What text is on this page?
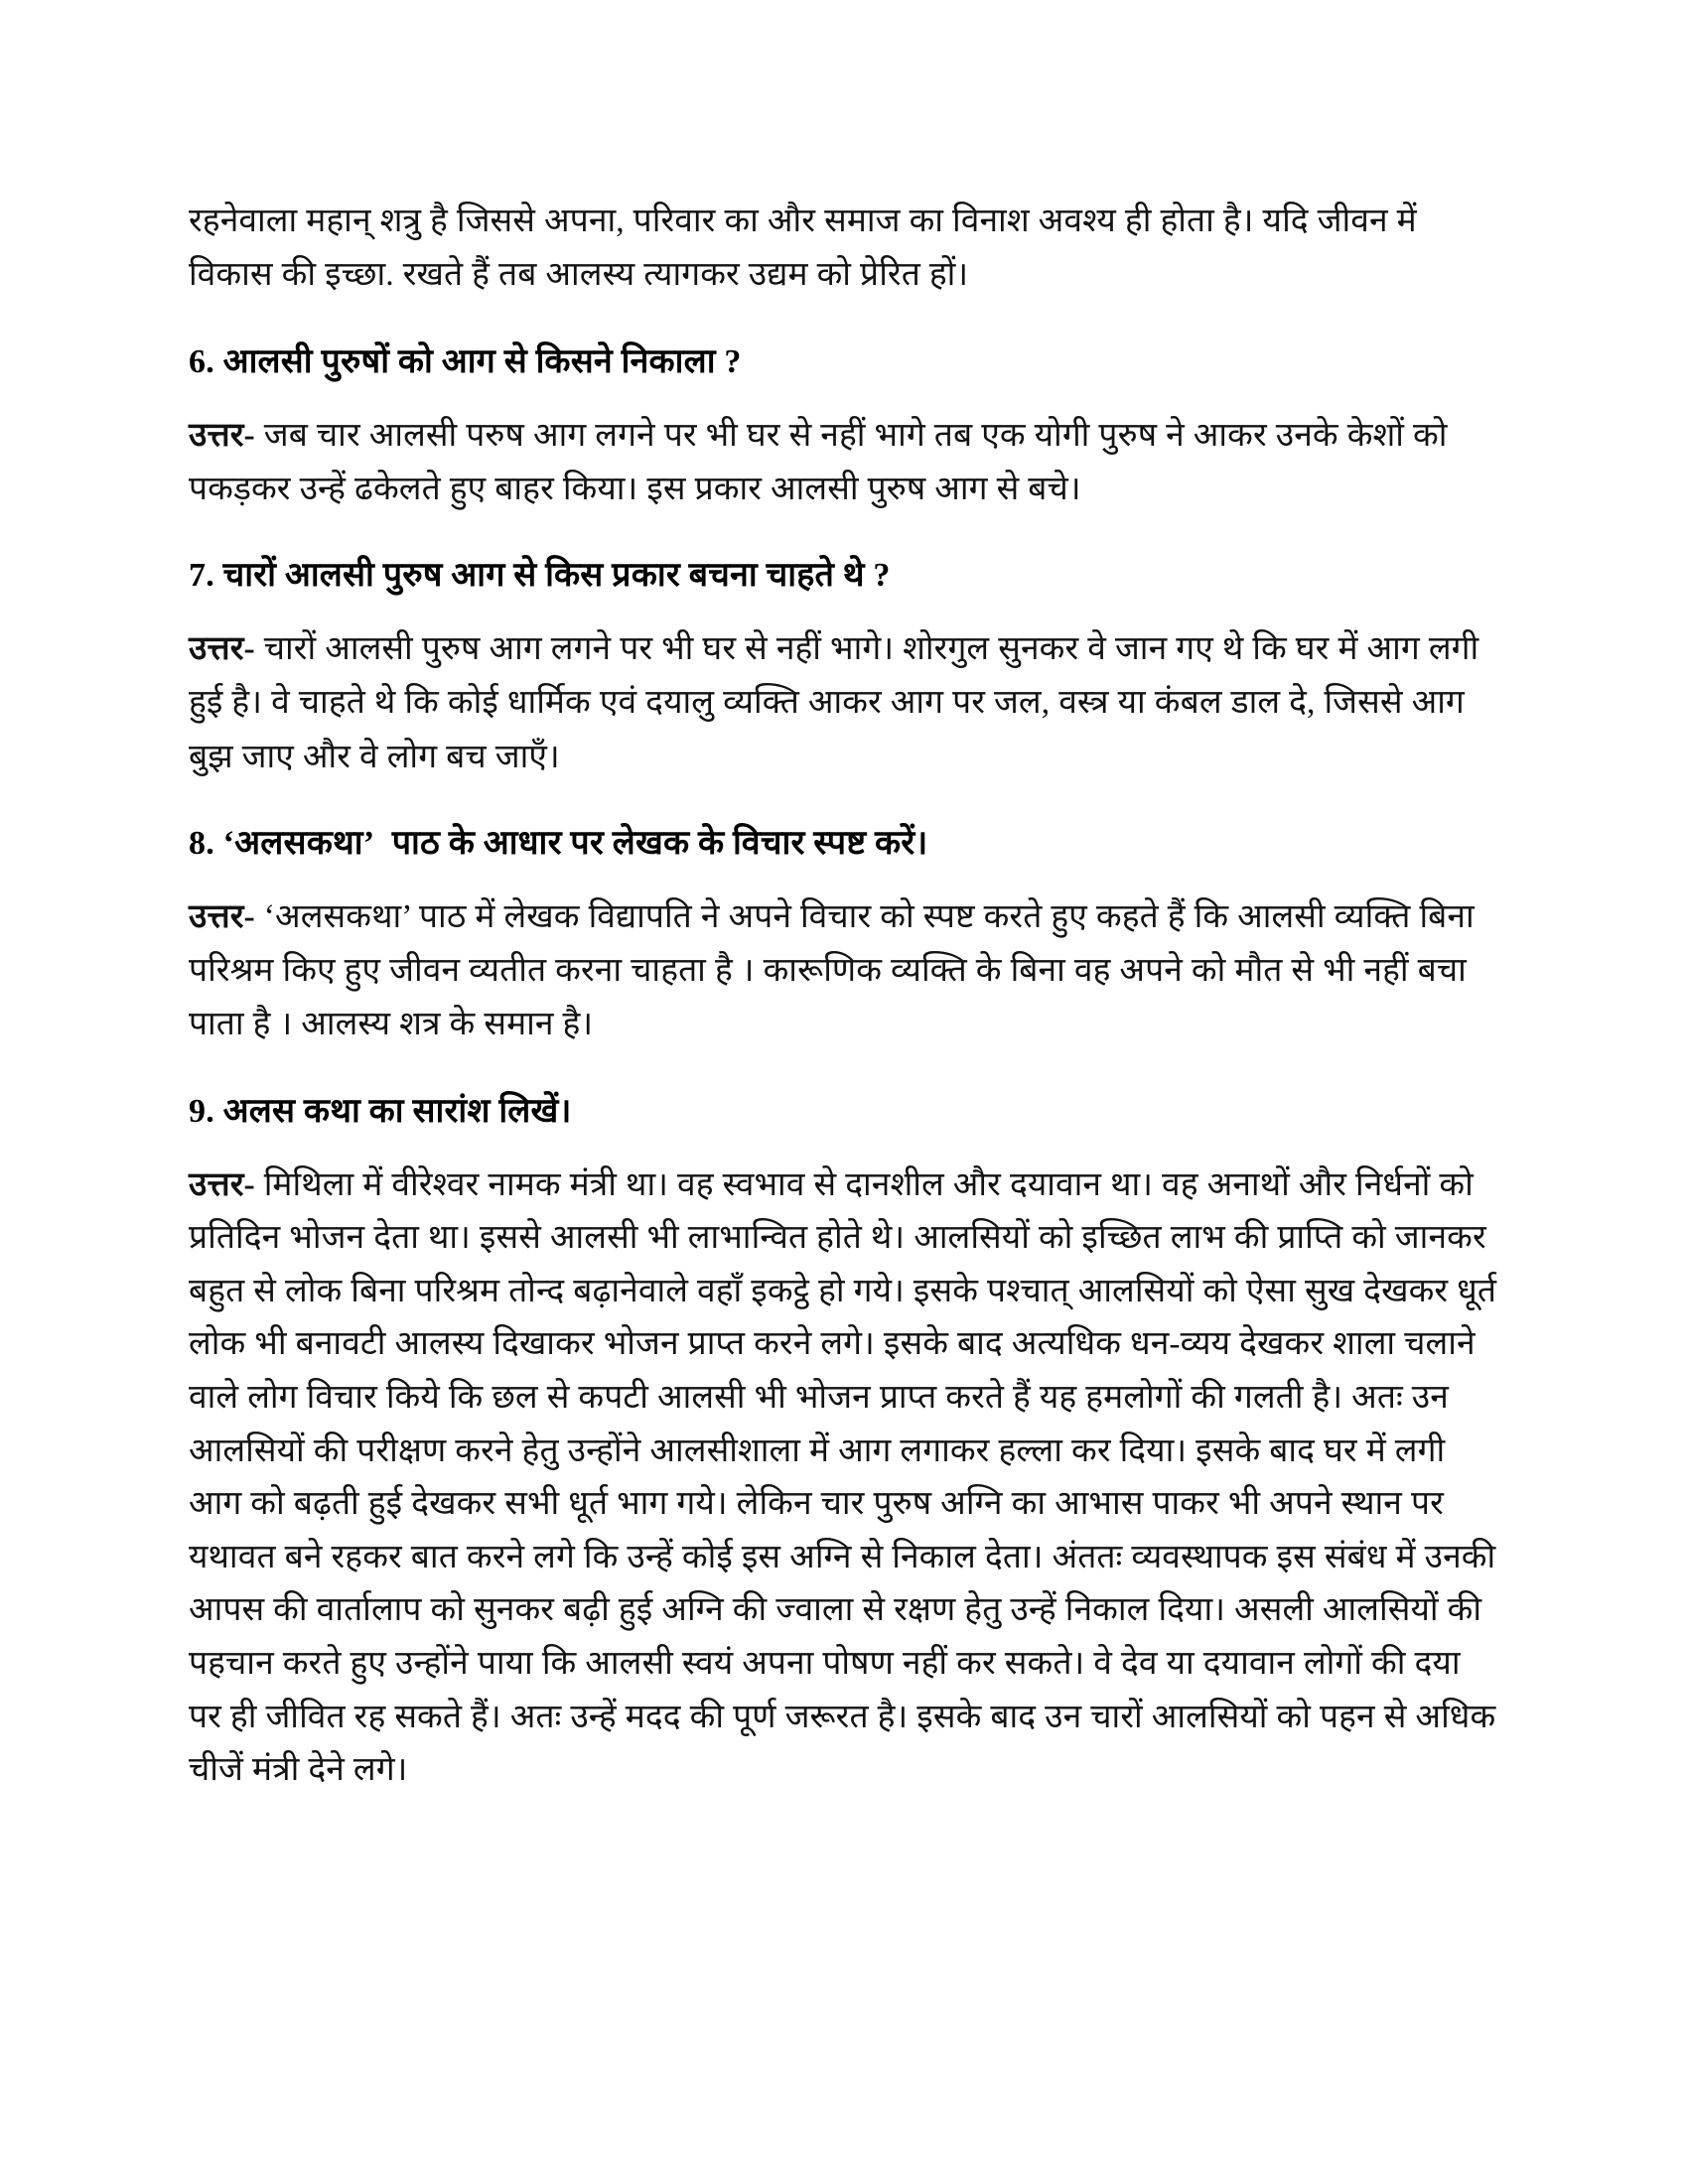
रहनेवाला महान् शत्रु है जिससे अपना, परिवार का और समाज का विनाश अवश्य ही होता है। यदि जीवन में विकास की इच्छा. रखते हैं तब आलस्य त्यागकर उद्यम को प्रेरित हों।

6. आलसी पुरुषों को आग से किसने निकाला ?

उत्तर- जब चार आलसी परुष आग लगने पर भी घर से नहीं भागे तब एक योगी पुरुष ने आकर उनके केशों को पकड़कर उन्हें ढकेलते हुए बाहर किया। इस प्रकार आलसी पुरुष आग से बचे।

7. चारों आलसी पुरुष आग से किस प्रकार बचना चाहते थे ?

उत्तर- चारों आलसी पुरुष आग लगने पर भी घर से नहीं भागे। शोरगुल सुनकर वे जान गए थे कि घर में आग लगी हुई है। वे चाहते थे कि कोई धार्मिक एवं दयालु व्यक्ति आकर आग पर जल, वस्त्र या कंबल डाल दे, जिससे आग बुझ जाए और वे लोग बच जाएँ।

8. ‘अलसकथा’ पाठ के आधार पर लेखक के विचार स्पष्ट करें।

उत्तर- ‘अलसकथा’ पाठ में लेखक विद्यापति ने अपने विचार को स्पष्ट करते हुए कहते हैं कि आलसी व्यक्ति बिना परिश्रम किए हुए जीवन व्यतीत करना चाहता है । कारूणिक व्यक्ति के बिना वह अपने को मौत से भी नहीं बचा पाता है । आलस्य शत्र के समान है।

9. अलस कथा का सारांश लिखें।

उत्तर- मिथिला में वीरेश्वर नामक मंत्री था। वह स्वभाव से दानशील और दयावान था। वह अनाथों और निर्धनों को प्रतिदिन भोजन देता था। इससे आलसी भी लाभान्वित होते थे। आलसियों को इच्छित लाभ की प्राप्ति को जानकर बहुत से लोक बिना परिश्रम तोन्द बढ़ानेवाले वहाँ इकट्ठे हो गये। इसके पश्चात् आलसियों को ऐसा सुख देखकर धूर्त लोक भी बनावटी आलस्य दिखाकर भोजन प्राप्त करने लगे। इसके बाद अत्यधिक धन-व्यय देखकर शाला चलाने वाले लोग विचार किये कि छल से कपटी आलसी भी भोजन प्राप्त करते हैं यह हमलोगों की गलती है। अतः उन आलसियों की परीक्षण करने हेतु उन्होंने आलसीशाला में आग लगाकर हल्ला कर दिया। इसके बाद घर में लगी आग को बढ़ती हुई देखकर सभी धूर्त भाग गये। लेकिन चार पुरुष अग्नि का आभास पाकर भी अपने स्थान पर यथावत बने रहकर बात करने लगे कि उन्हें कोई इस अग्नि से निकाल देता। अंततः व्यवस्थापक इस संबंध में उनकी आपस की वार्तालाप को सुनकर बढ़ी हुई अग्नि की ज्वाला से रक्षण हेतु उन्हें निकाल दिया। असली आलसियों की पहचान करते हुए उन्होंने पाया कि आलसी स्वयं अपना पोषण नहीं कर सकते। वे देव या दयावान लोगों की दया पर ही जीवित रह सकते हैं। अतः उन्हें मदद की पूर्ण जरूरत है। इसके बाद उन चारों आलसियों को पहन से अधिक चीजें मंत्री देने लगे।
